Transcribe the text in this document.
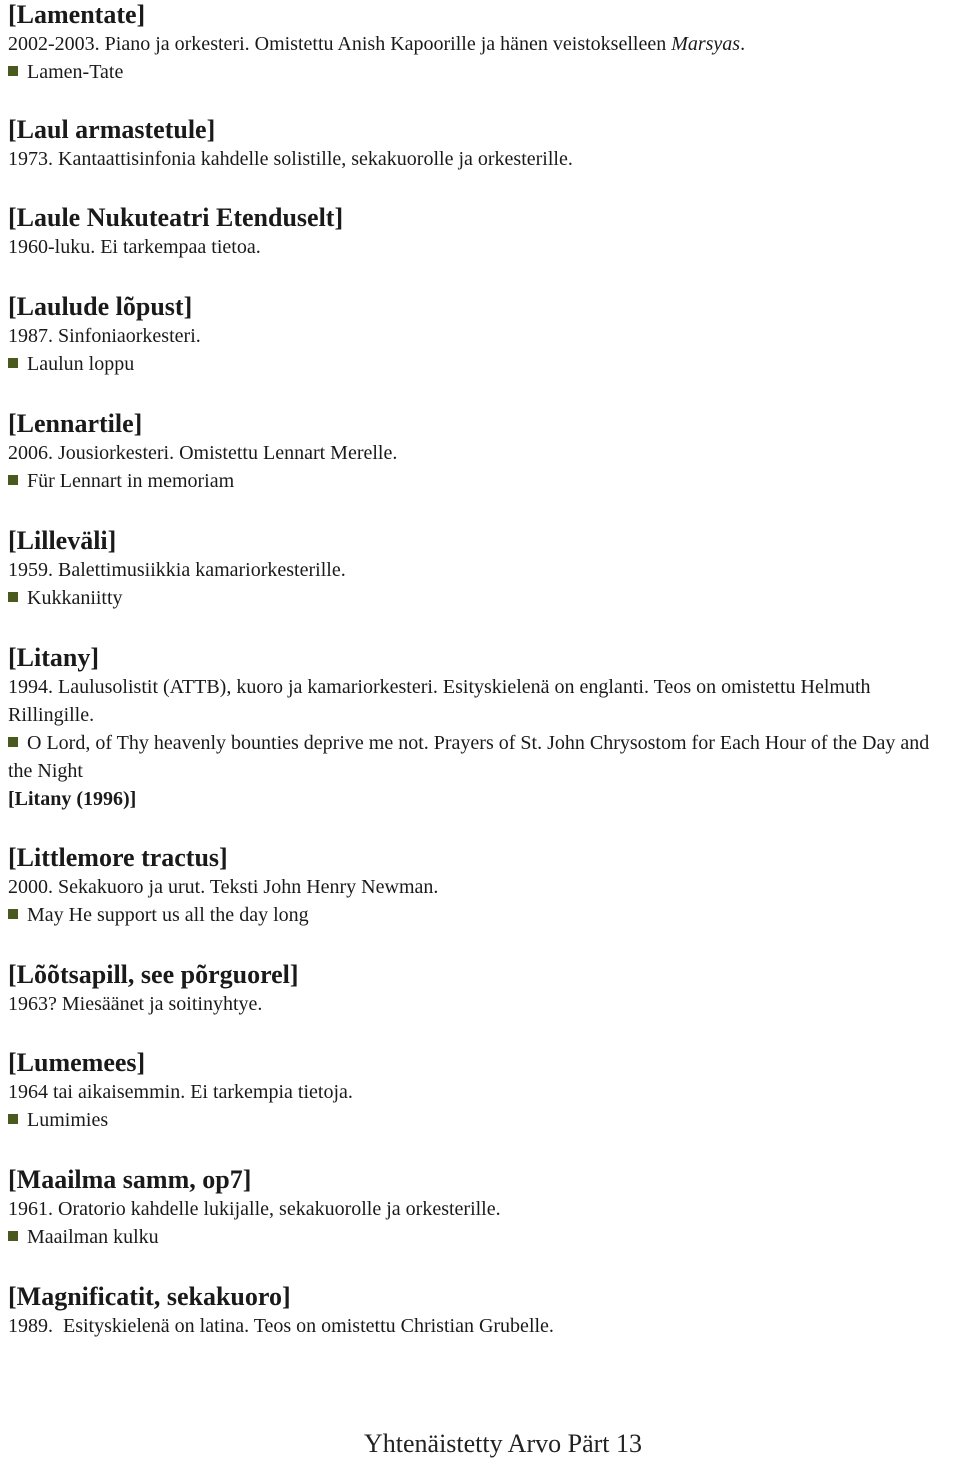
[Lamentate]

2002-2003. Piano ja orkesteri. Omistettu Anish Kapoorille ja hänen veistokselleen Marsyas.

Lamen-Tate

[Laul armastetule]

1973. Kantaattisinfonia kahdelle solistille, sekakuorolle ja orkesterille.

[Laule Nukuteatri Etenduselt]

1960-luku. Ei tarkempaa tietoa.

[Laulude lõpust]

1987. Sinfoniaorkesteri.

Laulun loppu

[Lennartile]

2006. Jousiorkesteri. Omistettu Lennart Merelle.

Für Lennart in memoriam

[Lilleväli]

1959. Balettimusiikkia kamariorkesterille.

Kukkaniitty

[Litany]

1994. Laulusolistit (ATTB), kuoro ja kamariorkesteri. Esityskielenä on englanti. Teos on omistettu Helmuth Rillingille.

O Lord, of Thy heavenly bounties deprive me not. Prayers of St. John Chrysostom for Each Hour of the Day and the Night

[Litany (1996)]

[Littlemore tractus]

2000. Sekakuoro ja urut. Teksti John Henry Newman.

May He support us all the day long

[Lõõtsapill, see põrguorel]

1963? Miesäänet ja soitinyhtye.

[Lumemees]

1964 tai aikaisemmin. Ei tarkempia tietoja.

Lumimies

[Maailma samm, op7]

1961. Oratorio kahdelle lukijalle, sekakuorolle ja orkesterille.

Maailman kulku

[Magnificatit, sekakuoro]

1989.  Esityskielenä on latina. Teos on omistettu Christian Grubelle.

Yhtenäistetty Arvo Pärt 13
